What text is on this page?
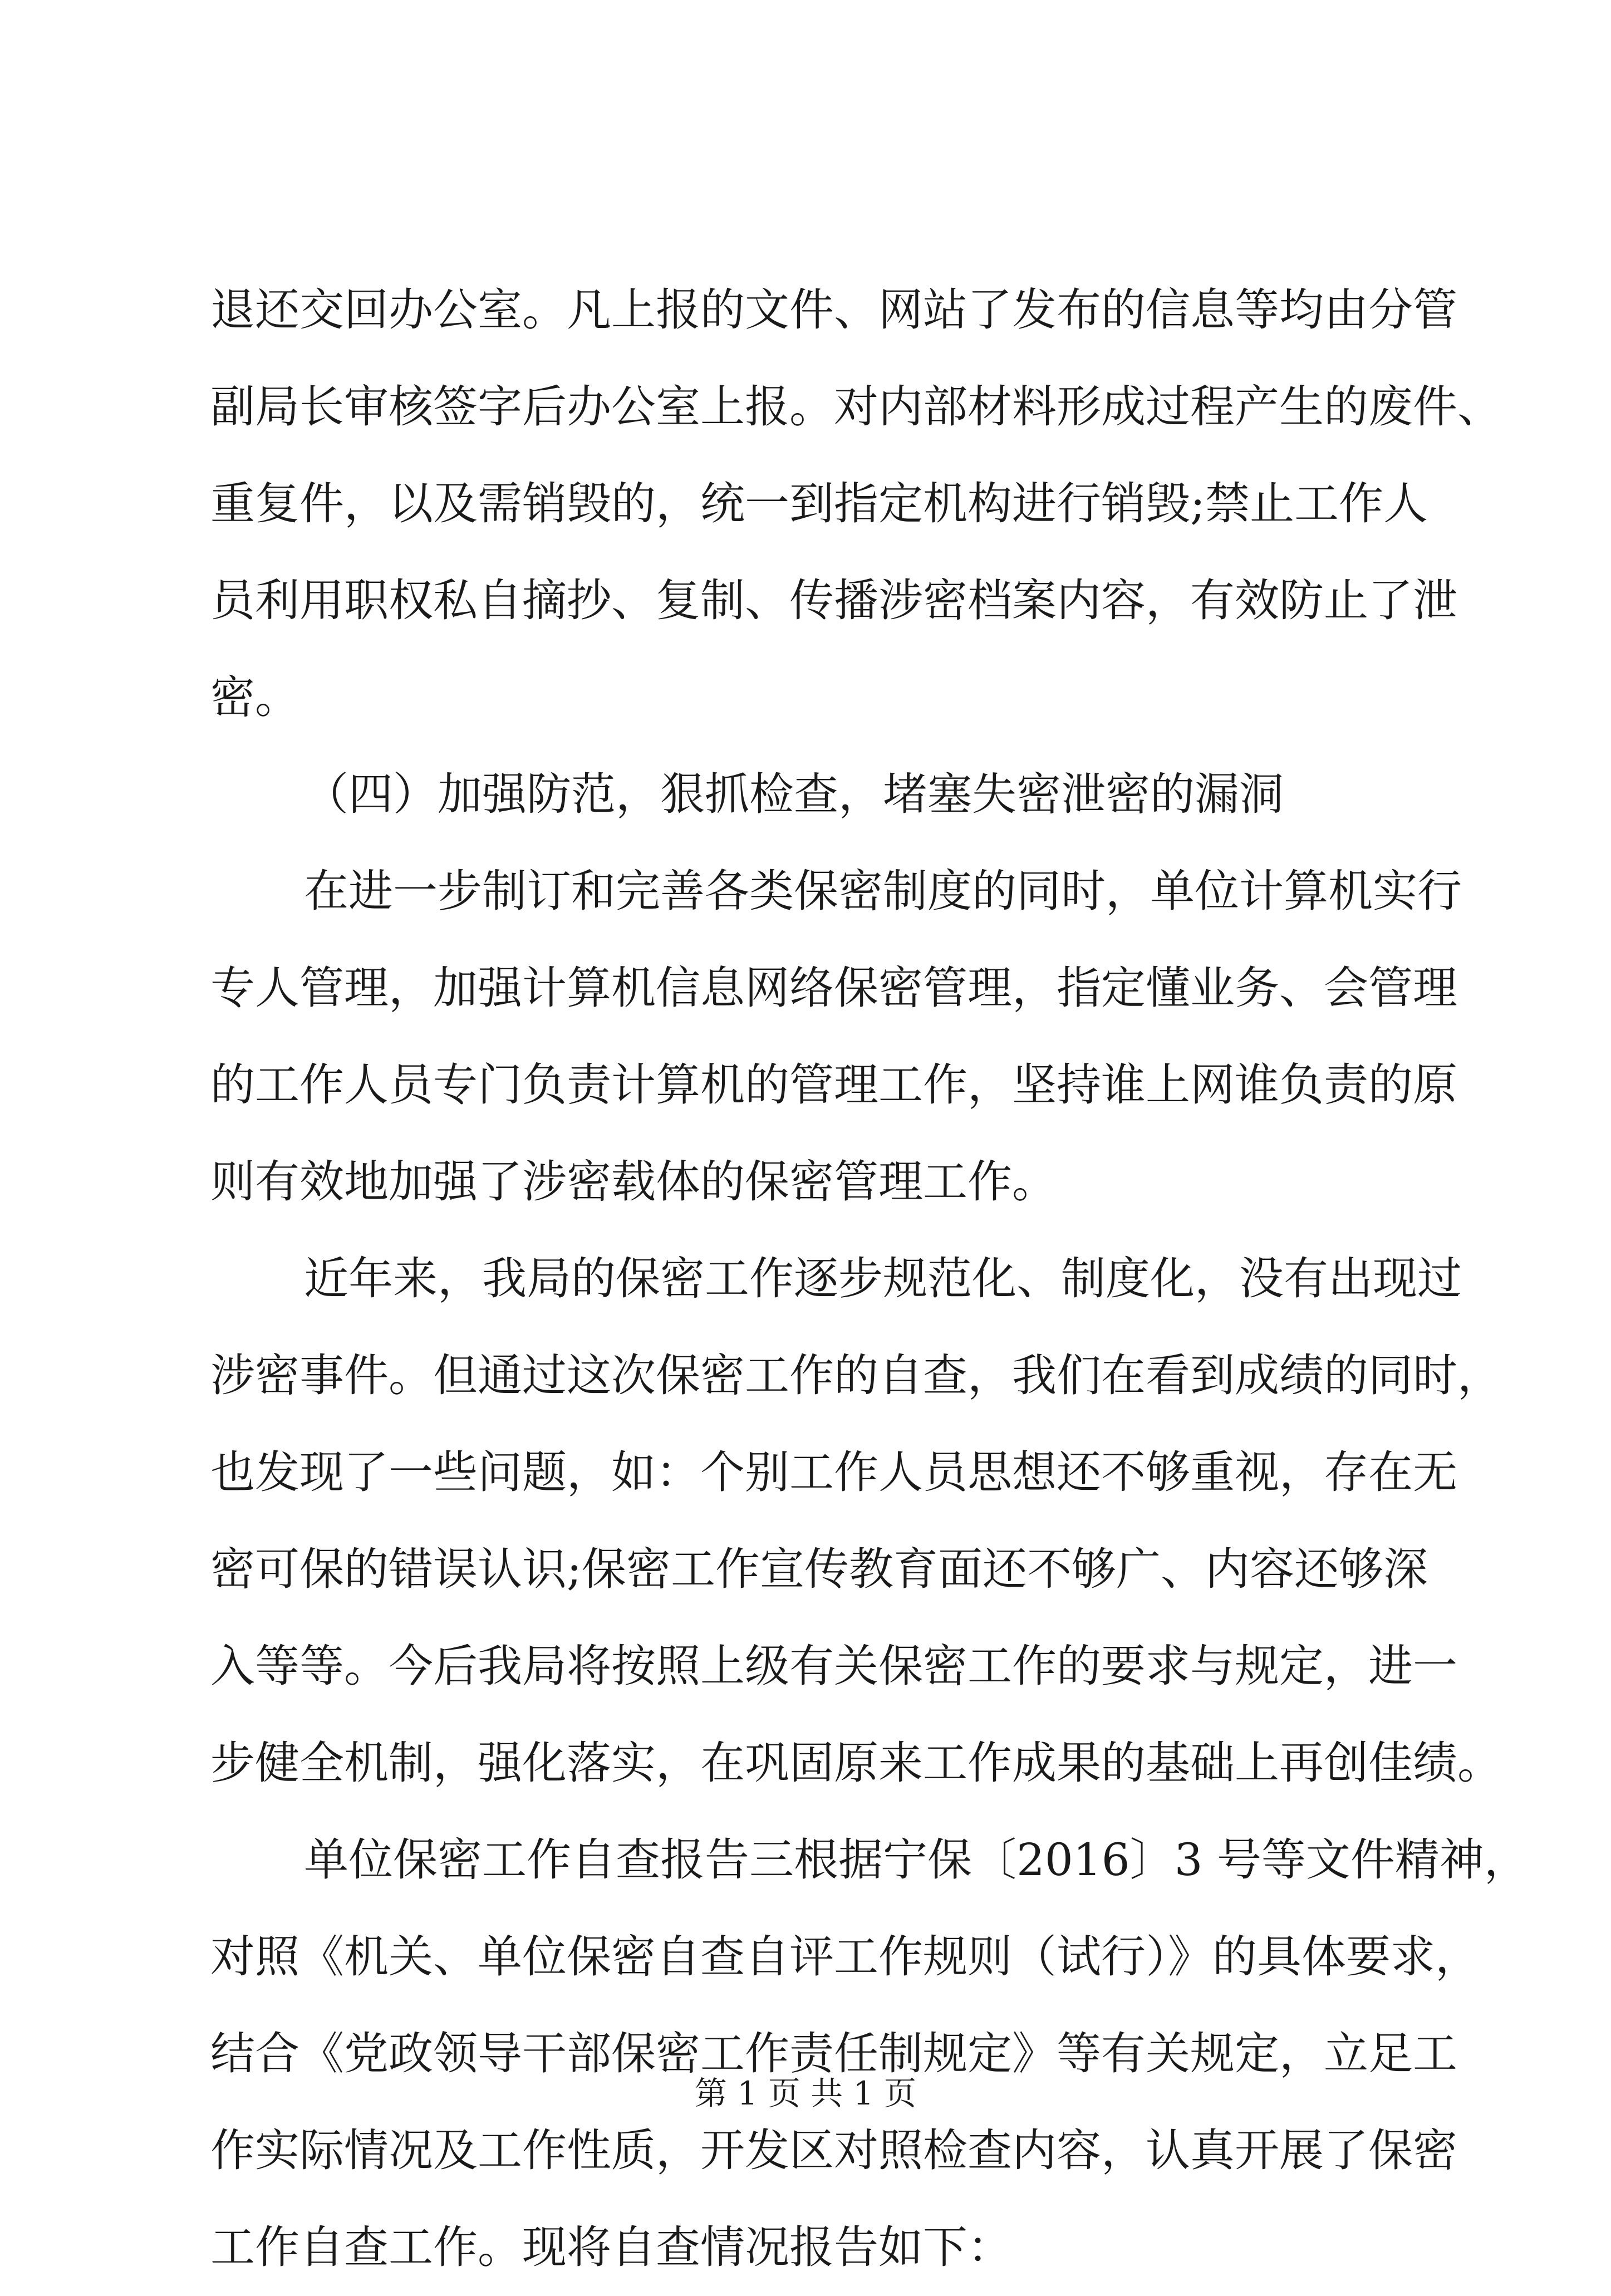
退还交回办公室。凡上报的文件、网站了发布的信息等均由分管
副局长审核签字后办公室上报。对内部材料形成过程产生的废件、
重复件，以及需销毁的，统一到指定机构进行销毁;禁止工作人
员利用职权私自摘抄、复制、传播涉密档案内容，有效防止了泄
密。
（四）加强防范，狠抓检查，堵塞失密泄密的漏洞
在进一步制订和完善各类保密制度的同时，单位计算机实行
专人管理，加强计算机信息网络保密管理，指定懂业务、会管理
的工作人员专门负责计算机的管理工作，坚持谁上网谁负责的原
则有效地加强了涉密载体的保密管理工作。
近年来，我局的保密工作逐步规范化、制度化，没有出现过
涉密事件。但通过这次保密工作的自查，我们在看到成绩的同时，
也发现了一些问题，如：个别工作人员思想还不够重视，存在无
密可保的错误认识;保密工作宣传教育面还不够广、内容还够深
入等等。今后我局将按照上级有关保密工作的要求与规定，进一
步健全机制，强化落实，在巩固原来工作成果的基础上再创佳绩。
单位保密工作自查报告三根据宁保〔2016〕3 号等文件精神，
对照《机关、单位保密自查自评工作规则（试行）》的具体要求，
结合《党政领导干部保密工作责任制规定》等有关规定，立足工
作实际情况及工作性质，开发区对照检查内容，认真开展了保密
工作自查工作。现将自查情况报告如下：
第 1 页 共 1 页
